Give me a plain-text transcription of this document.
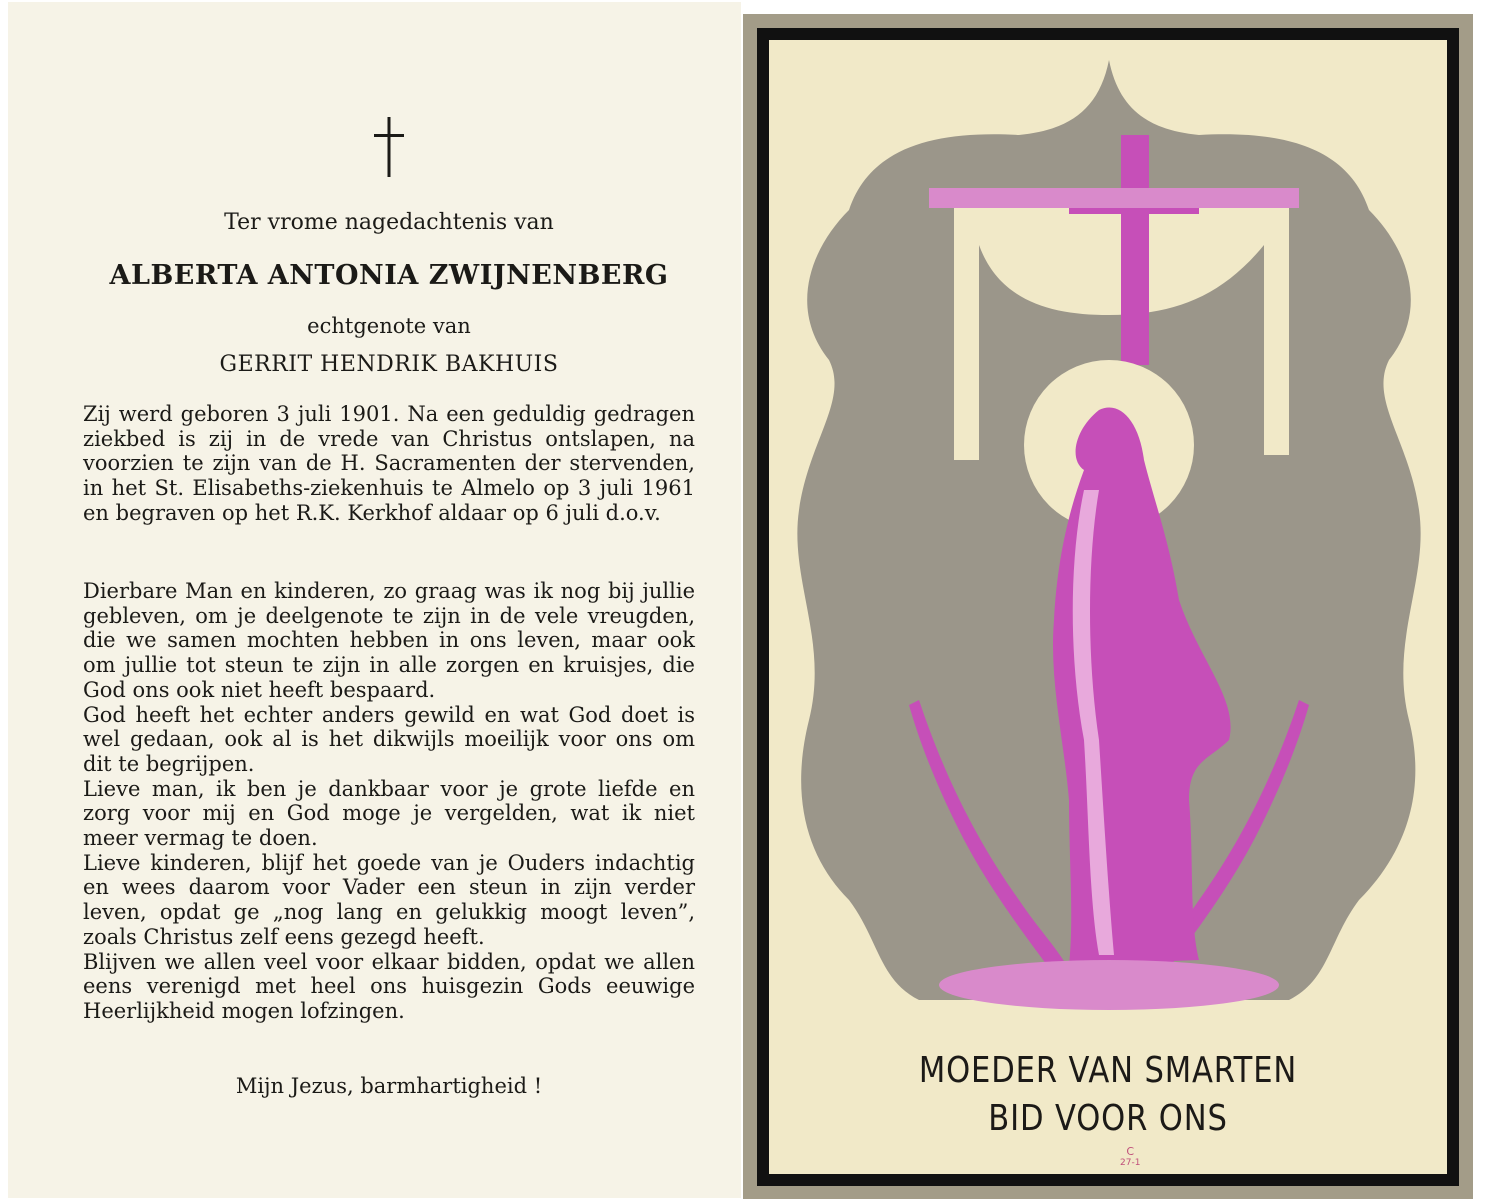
Ter vrome nagedachtenis van
ALBERTA ANTONIA ZWIJNENBERG
echtgenote van
GERRIT HENDRIK BAKHUIS

Zij werd geboren 3 juli 1901. Na een geduldig gedragen ziekbed is zij in de vrede van Christus ontslapen, na voorzien te zijn van de H. Sacramenten der stervenden, in het St. Elisabeths-ziekenhuis te Almelo op 3 juli 1961 en begraven op het R.K. Kerkhof aldaar op 6 juli d.o.v.

Dierbare Man en kinderen, zo graag was ik nog bij jullie gebleven, om je deelgenote te zijn in de vele vreugden, die we samen mochten hebben in ons leven, maar ook om jullie tot steun te zijn in alle zorgen en kruisjes, die God ons ook niet heeft bespaard.

God heeft het echter anders gewild en wat God doet is wel gedaan, ook al is het dikwijls moeilijk voor ons om dit te begrijpen.

Lieve man, ik ben je dankbaar voor je grote liefde en zorg voor mij en God moge je vergelden, wat ik niet meer vermag te doen.

Lieve kinderen, blijf het goede van je Ouders indachtig en wees daarom voor Vader een steun in zijn verder leven, opdat ge „nog lang en gelukkig moogt leven”, zoals Christus zelf eens gezegd heeft.

Blijven we allen veel voor elkaar bidden, opdat we allen eens verenigd met heel ons huisgezin Gods eeuwige Heerlijkheid mogen lofzingen.

Mijn Jezus, barmhartigheid !	MOEDER VAN SMARTEN
BID VOOR ONS
C
27-1
